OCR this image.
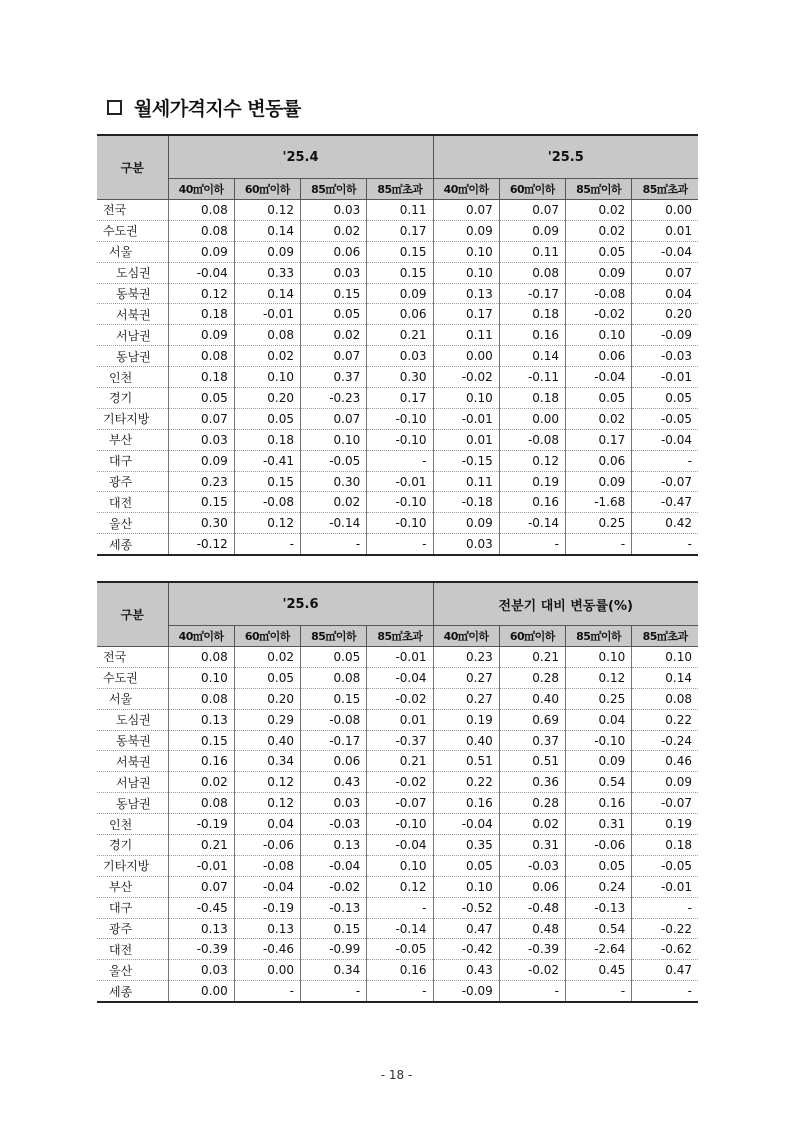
월세가격지수 변동률
구분	'25.4				'25.5			
	40㎡이하	60㎡이하	85㎡이하	85㎡초과	40㎡이하	60㎡이하	85㎡이하	85㎡초과
전국	0.08	0.12	0.03	0.11	0.07	0.07	0.02	0.00
수도권	0.08	0.14	0.02	0.17	0.09	0.09	0.02	0.01
서울	0.09	0.09	0.06	0.15	0.10	0.11	0.05	-0.04
도심권	-0.04	0.33	0.03	0.15	0.10	0.08	0.09	0.07
동북권	0.12	0.14	0.15	0.09	0.13	-0.17	-0.08	0.04
서북권	0.18	-0.01	0.05	0.06	0.17	0.18	-0.02	0.20
서남권	0.09	0.08	0.02	0.21	0.11	0.16	0.10	-0.09
동남권	0.08	0.02	0.07	0.03	0.00	0.14	0.06	-0.03
인천	0.18	0.10	0.37	0.30	-0.02	-0.11	-0.04	-0.01
경기	0.05	0.20	-0.23	0.17	0.10	0.18	0.05	0.05
기타지방	0.07	0.05	0.07	-0.10	-0.01	0.00	0.02	-0.05
부산	0.03	0.18	0.10	-0.10	0.01	-0.08	0.17	-0.04
대구	0.09	-0.41	-0.05	-	-0.15	0.12	0.06	-
광주	0.23	0.15	0.30	-0.01	0.11	0.19	0.09	-0.07
대전	0.15	-0.08	0.02	-0.10	-0.18	0.16	-1.68	-0.47
울산	0.30	0.12	-0.14	-0.10	0.09	-0.14	0.25	0.42
세종	-0.12	-	-	-	0.03	-	-	-
구분	'25.6				전분기 대비 변동률(%)			
	40㎡이하	60㎡이하	85㎡이하	85㎡초과	40㎡이하	60㎡이하	85㎡이하	85㎡초과
전국	0.08	0.02	0.05	-0.01	0.23	0.21	0.10	0.10
수도권	0.10	0.05	0.08	-0.04	0.27	0.28	0.12	0.14
서울	0.08	0.20	0.15	-0.02	0.27	0.40	0.25	0.08
도심권	0.13	0.29	-0.08	0.01	0.19	0.69	0.04	0.22
동북권	0.15	0.40	-0.17	-0.37	0.40	0.37	-0.10	-0.24
서북권	0.16	0.34	0.06	0.21	0.51	0.51	0.09	0.46
서남권	0.02	0.12	0.43	-0.02	0.22	0.36	0.54	0.09
동남권	0.08	0.12	0.03	-0.07	0.16	0.28	0.16	-0.07
인천	-0.19	0.04	-0.03	-0.10	-0.04	0.02	0.31	0.19
경기	0.21	-0.06	0.13	-0.04	0.35	0.31	-0.06	0.18
기타지방	-0.01	-0.08	-0.04	0.10	0.05	-0.03	0.05	-0.05
부산	0.07	-0.04	-0.02	0.12	0.10	0.06	0.24	-0.01
대구	-0.45	-0.19	-0.13	-	-0.52	-0.48	-0.13	-
광주	0.13	0.13	0.15	-0.14	0.47	0.48	0.54	-0.22
대전	-0.39	-0.46	-0.99	-0.05	-0.42	-0.39	-2.64	-0.62
울산	0.03	0.00	0.34	0.16	0.43	-0.02	0.45	0.47
세종	0.00	-	-	-	-0.09	-	-	-
- 18 -
